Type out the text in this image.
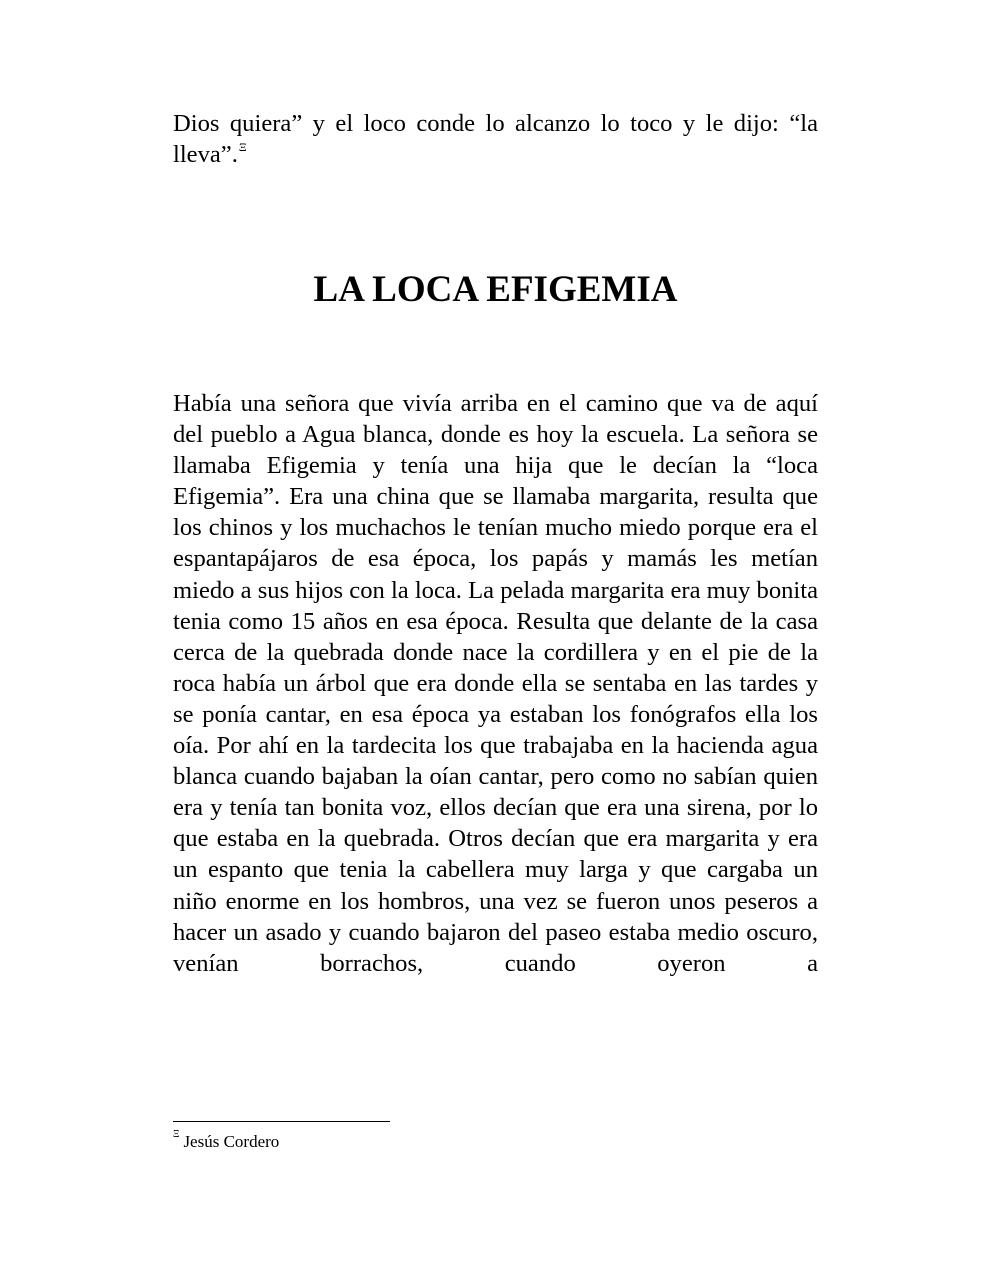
Dios quiera” y el loco conde lo alcanzo lo toco y le dijo: “la lleva”.$^\Xi$

LA LOCA EFIGEMIA

Había una señora que vivía arriba en el camino que va de aquí del pueblo a Agua blanca, donde es hoy la escuela. La señora se llamaba Efigemia y tenía una hija que le decían la “loca Efigemia”. Era una china que se llamaba margarita, resulta que los chinos y los muchachos le tenían mucho miedo porque era el espantapájaros de esa época, los papás y mamás les metían miedo a sus hijos con la loca. La pelada margarita era muy bonita tenia como 15 años en esa época. Resulta que delante de la casa cerca de la quebrada donde nace la cordillera y en el pie de la roca había un árbol que era donde ella se sentaba en las tardes y se ponía cantar, en esa época ya estaban los fonógrafos ella los oía. Por ahí en la tardecita los que trabajaba en la hacienda agua blanca cuando bajaban la oían cantar, pero como no sabían quien era y tenía tan bonita voz, ellos decían que era una sirena, por lo que estaba en la quebrada. Otros decían que era margarita y era un espanto que tenia la cabellera muy larga y que cargaba un niño enorme en los hombros, una vez se fueron unos peseros a hacer un asado y cuando bajaron del paseo estaba medio oscuro, venían borrachos, cuando oyeron a

$^\Xi$ Jesús Cordero
